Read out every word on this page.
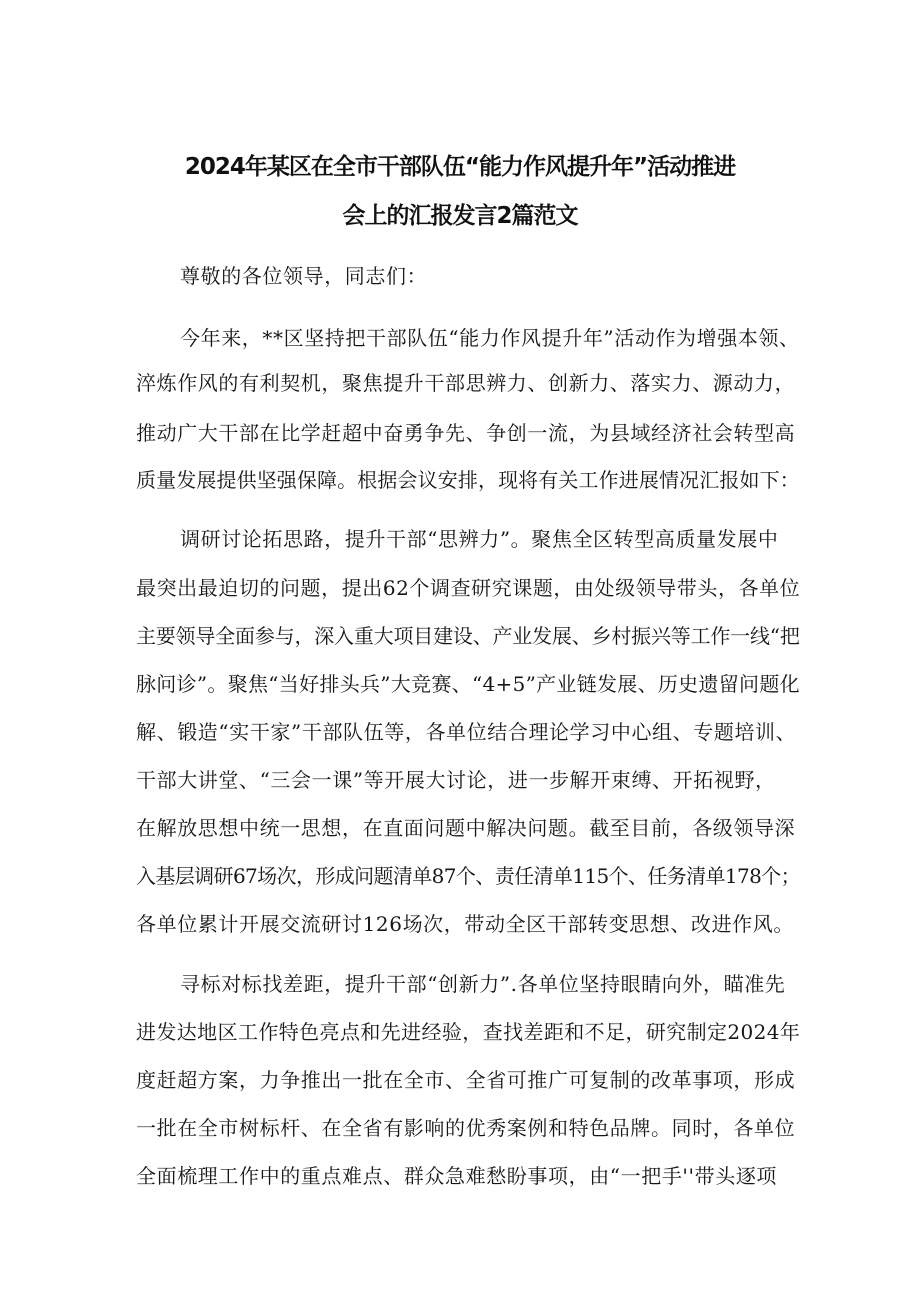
2024年某区在全市干部队伍“能力作风提升年”活动推进
会上的汇报发言2篇范文
尊敬的各位领导，同志们：
今年来，**区坚持把干部队伍“能力作风提升年”活动作为增强本领、
淬炼作风的有利契机，聚焦提升干部思辨力、创新力、落实力、源动力，
推动广大干部在比学赶超中奋勇争先、争创一流，为县域经济社会转型高
质量发展提供坚强保障。根据会议安排，现将有关工作进展情况汇报如下：
调研讨论拓思路，提升干部“思辨力”。聚焦全区转型高质量发展中
最突出最迫切的问题，提出62个调查研究课题，由处级领导带头，各单位
主要领导全面参与，深入重大项目建设、产业发展、乡村振兴等工作一线“把
脉问诊”。聚焦“当好排头兵”大竞赛、“4+5”产业链发展、历史遗留问题化
解、锻造“实干家”干部队伍等，各单位结合理论学习中心组、专题培训、
干部大讲堂、“三会一课”等开展大讨论，进一步解开束缚、开拓视野，
在解放思想中统一思想，在直面问题中解决问题。截至目前，各级领导深
入基层调研67场次，形成问题清单87个、责任清单115个、任务清单178个；
各单位累计开展交流研讨126场次，带动全区干部转变思想、改进作风。
寻标对标找差距，提升干部“创新力”.各单位坚持眼睛向外，瞄准先
进发达地区工作特色亮点和先进经验，查找差距和不足，研究制定2024年
度赶超方案，力争推出一批在全市、全省可推广可复制的改革事项，形成
一批在全市树标杆、在全省有影响的优秀案例和特色品牌。同时，各单位
全面梳理工作中的重点难点、群众急难愁盼事项，由“一把手''带头逐项
